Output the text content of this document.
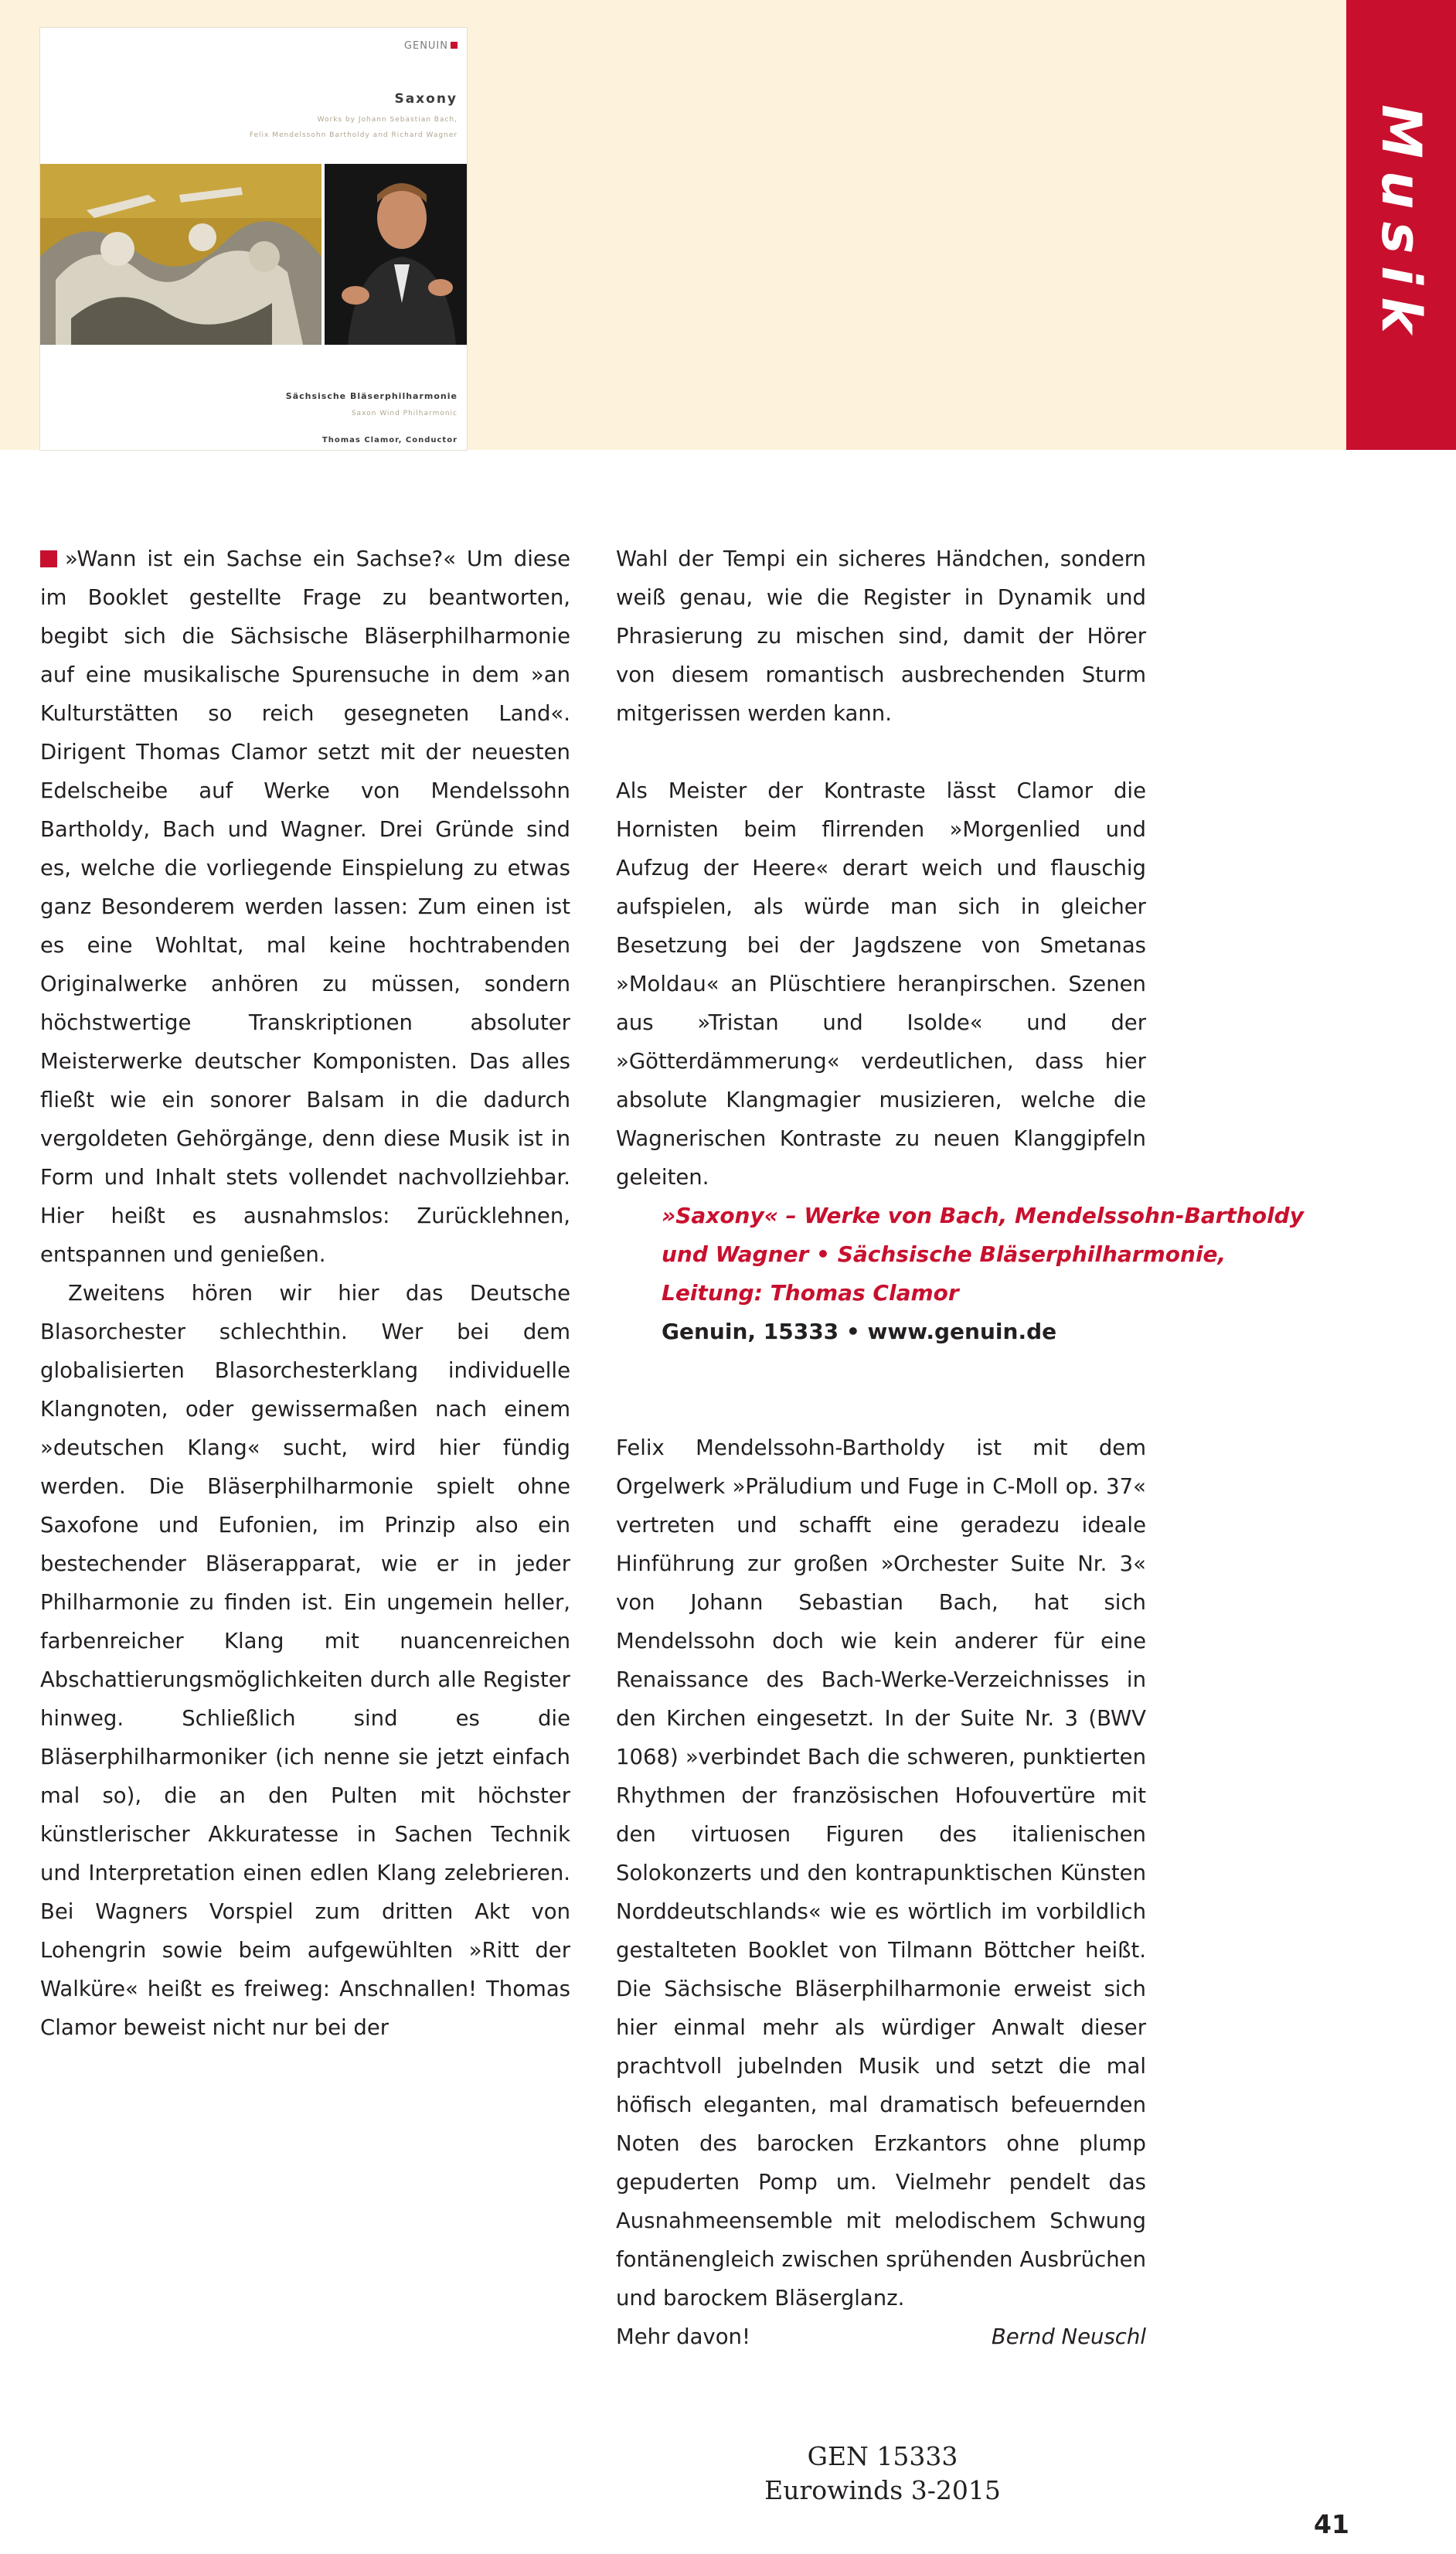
Musik
GENUIN
Saxony
Works by Johann Sebastian Bach,
Felix Mendelssohn Bartholdy and Richard Wagner
Sächsische Bläserphilharmonie
Saxon Wind Philharmonic
Thomas Clamor, Conductor

»Wann ist ein Sachse ein Sachse?« Um diese im Booklet gestellte Frage zu beantworten, begibt sich die Sächsische Bläserphilharmonie auf eine musikalische Spurensuche in dem »an Kulturstätten so reich gesegneten Land«. Dirigent Thomas Clamor setzt mit der neuesten Edelscheibe auf Werke von Mendelssohn Bartholdy, Bach und Wagner. Drei Gründe sind es, welche die vorliegende Einspielung zu etwas ganz Besonderem werden lassen: Zum einen ist es eine Wohltat, mal keine hochtrabenden Originalwerke anhören zu müssen, sondern höchstwertige Transkriptionen absoluter Meisterwerke deutscher Komponisten. Das alles fließt wie ein sonorer Balsam in die dadurch vergoldeten Gehörgänge, denn diese Musik ist in Form und Inhalt stets vollendet nachvollziehbar. Hier heißt es ausnahmslos: Zurücklehnen, entspannen und genießen.

Zweitens hören wir hier das Deutsche Blasorchester schlechthin. Wer bei dem globalisierten Blasorchesterklang individuelle Klangnoten, oder gewissermaßen nach einem »deutschen Klang« sucht, wird hier fündig werden. Die Bläserphilharmonie spielt ohne Saxofone und Eufonien, im Prinzip also ein bestechender Bläserapparat, wie er in jeder Philharmonie zu finden ist. Ein ungemein heller, farbenreicher Klang mit nuancenreichen Abschattierungsmöglichkeiten durch alle Register hinweg. Schließlich sind es die Bläserphilharmoniker (ich nenne sie jetzt einfach mal so), die an den Pulten mit höchster künstlerischer Akkuratesse in Sachen Technik und Interpretation einen edlen Klang zelebrieren. Bei Wagners Vorspiel zum dritten Akt von Lohengrin sowie beim aufgewühlten »Ritt der Walküre« heißt es freiweg: Anschnallen! Thomas Clamor beweist nicht nur bei der

Wahl der Tempi ein sicheres Händchen, sondern weiß genau, wie die Register in Dynamik und Phrasierung zu mischen sind, damit der Hörer von diesem romantisch ausbrechenden Sturm mitgerissen werden kann.

Als Meister der Kontraste lässt Clamor die Hornisten beim flirrenden »Morgenlied und Aufzug der Heere« derart weich und flauschig aufspielen, als würde man sich in gleicher Besetzung bei der Jagdszene von Smetanas »Moldau« an Plüschtiere heranpirschen. Szenen aus »Tristan und Isolde« und der »Götterdämmerung« verdeutlichen, dass hier absolute Klangmagier musizieren, welche die Wagnerischen Kontraste zu neuen Klanggipfeln geleiten.

»Saxony« – Werke von Bach, Mendelssohn-Bartholdy
und Wagner • Sächsische Bläserphilharmonie,
Leitung: Thomas Clamor
Genuin, 15333 • www.genuin.de

Felix Mendelssohn-Bartholdy ist mit dem Orgelwerk »Präludium und Fuge in C-Moll op. 37« vertreten und schafft eine geradezu ideale Hinführung zur großen »Orchester Suite Nr. 3« von Johann Sebastian Bach, hat sich Mendelssohn doch wie kein anderer für eine Renaissance des Bach-Werke-Verzeichnisses in den Kirchen eingesetzt. In der Suite Nr. 3 (BWV 1068) »verbindet Bach die schweren, punktierten Rhythmen der französischen Hofouvertüre mit den virtuosen Figuren des italienischen Solokonzerts und den kontrapunktischen Künsten Norddeutschlands« wie es wörtlich im vorbildlich gestalteten Booklet von Tilmann Böttcher heißt. Die Sächsische Bläserphilharmonie erweist sich hier einmal mehr als würdiger Anwalt dieser prachtvoll jubelnden Musik und setzt die mal höfisch eleganten, mal dramatisch befeuernden Noten des barocken Erzkantors ohne plump gepuderten Pomp um. Vielmehr pendelt das Ausnahmeensemble mit melodischem Schwung fontänengleich zwischen sprühenden Ausbrüchen und barockem Bläserglanz.

Mehr davon!	Bernd Neuschl
GEN 15333
Eurowinds 3-2015
41
